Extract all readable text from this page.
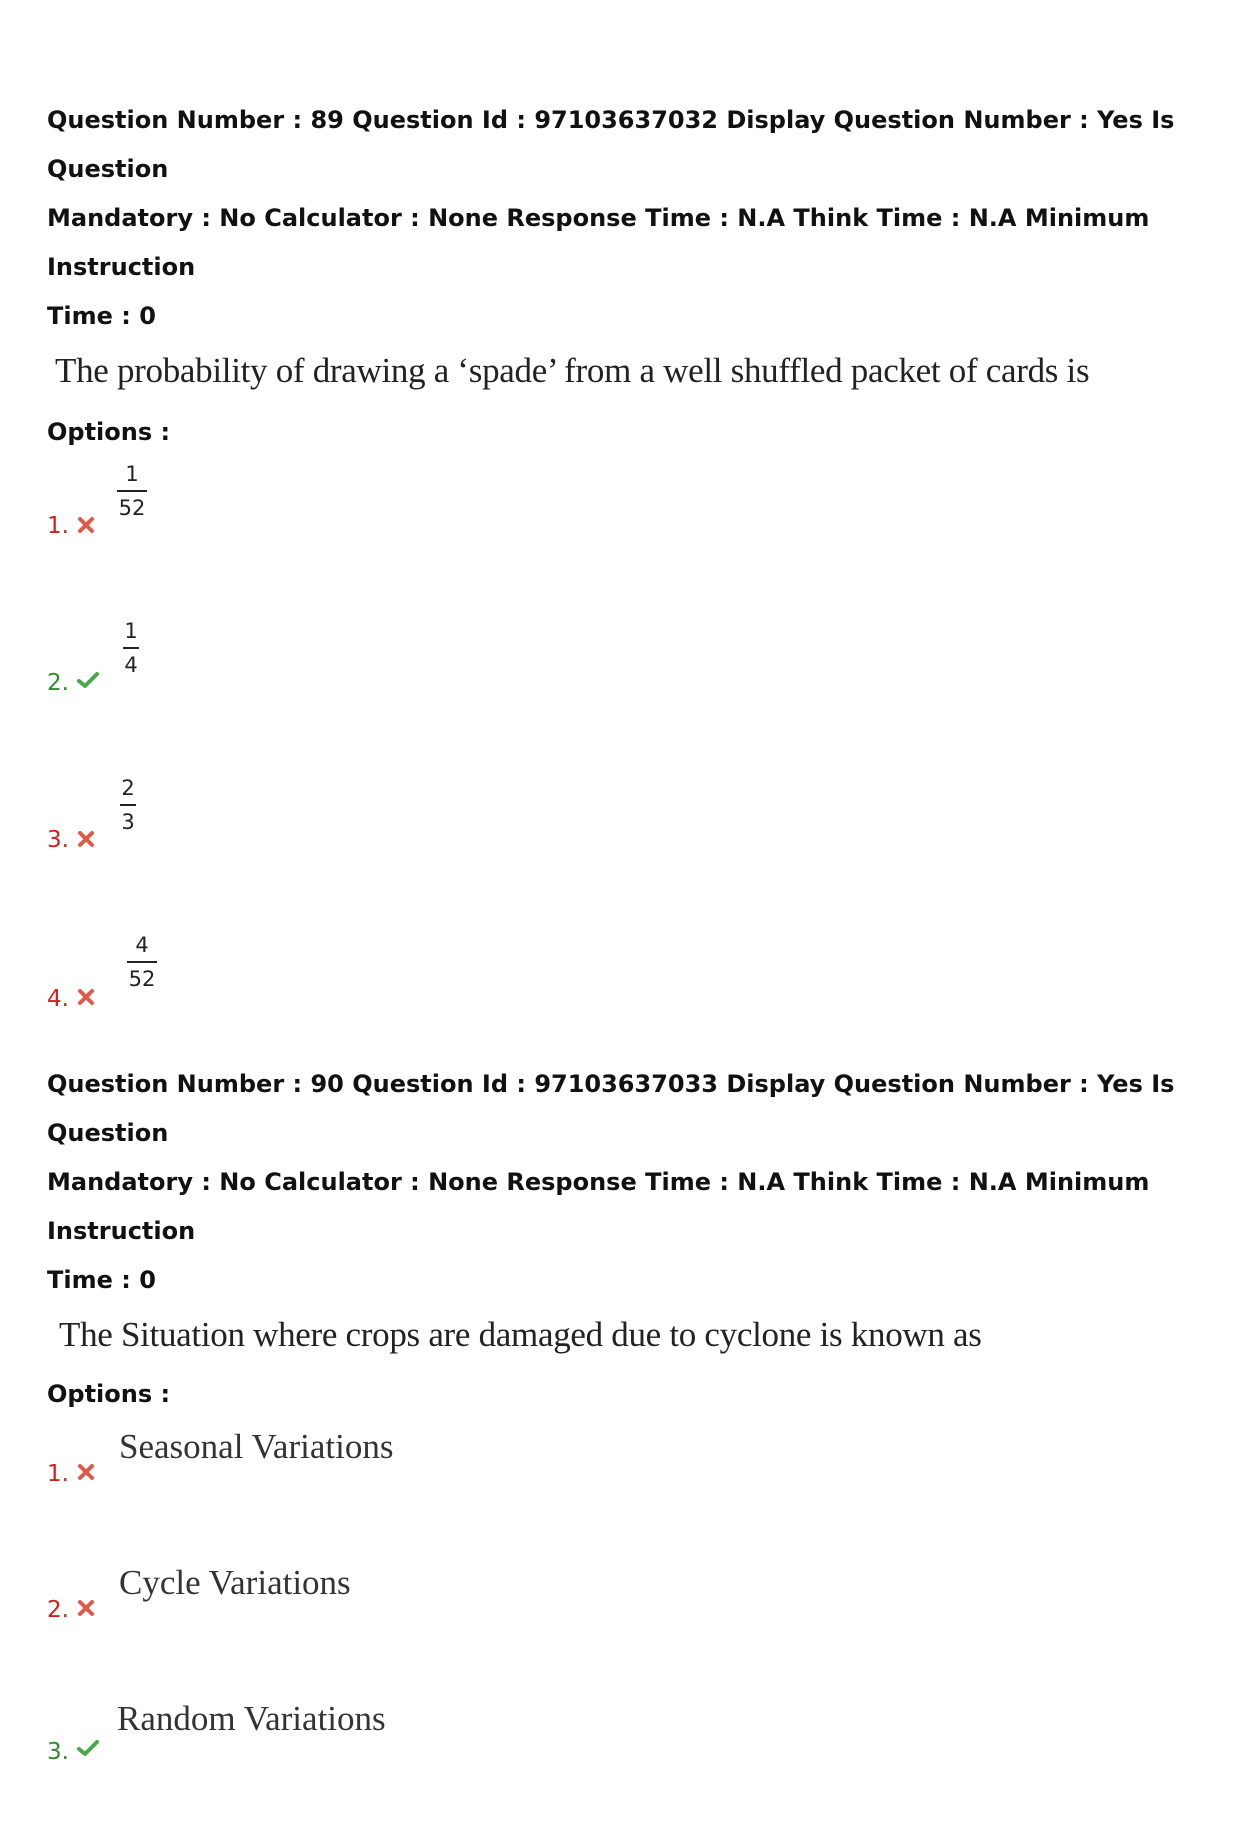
Question Number : 89 Question Id : 97103637032 Display Question Number : Yes Is Question

Mandatory : No Calculator : None Response Time : N.A Think Time : N.A Minimum Instruction

Time : 0

The probability of drawing a ‘spade’ from a well shuffled packet of cards is

Options :

1.
1
52
2.
1
4
3.
2
3
4.
4
52

Question Number : 90 Question Id : 97103637033 Display Question Number : Yes Is Question

Mandatory : No Calculator : None Response Time : N.A Think Time : N.A Minimum Instruction

Time : 0

The Situation where crops are damaged due to cyclone is known as

Options :

1.
Seasonal Variations
2.
Cycle Variations
3.
Random Variations
